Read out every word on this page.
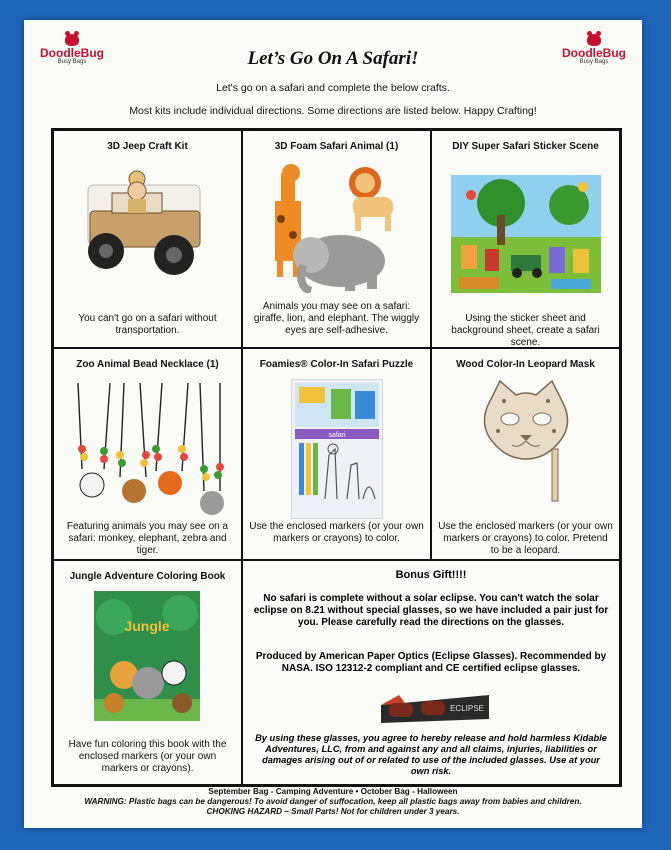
DoodleBug
Busy Bags
DoodleBug
Busy Bags
Let’s Go On A Safari!
Let's go on a safari and complete the below crafts.
Most kits include individual directions. Some directions are listed below. Happy Crafting!
3D Jeep Craft Kit
You can't go on a safari without transportation.
3D Foam Safari Animal (1)
Animals you may see on a safari: giraffe, lion, and elephant. The wiggly eyes are self-adhesive.
DIY Super Safari Sticker Scene
Using the sticker sheet and background sheet, create a safari scene.
Zoo Animal Bead Necklace (1)
Featuring animals you may see on a safari: monkey, elephant, zebra and tiger.
Foamies® Color-In Safari Puzzle
safari
Use the enclosed markers (or your own markers or crayons) to color.
Wood Color-In Leopard Mask
Use the enclosed markers (or your own markers or crayons) to color. Pretend to be a leopard.
Jungle Adventure Coloring Book
Jungle
Have fun coloring this book with the enclosed markers (or your own markers or crayons).
Bonus Gift!!!!
No safari is complete without a solar eclipse. You can't watch the solar eclipse on 8.21 without special glasses, so we have included a pair just for you. Please carefully read the directions on the glasses.
Produced by American Paper Optics (Eclipse Glasses). Recommended by NASA. ISO 12312-2 compliant and CE certified eclipse glasses.
ECLIPSE
By using these glasses, you agree to hereby release and hold harmless Kidable Adventures, LLC, from and against any and all claims, injuries, liabilities or damages arising out of or related to use of the included glasses. Use at your own risk.
September Bag - Camping Adventure • October Bag - Halloween
WARNING: Plastic bags can be dangerous! To avoid danger of suffocation, keep all plastic bags away from babies and children.
CHOKING HAZARD – Small Parts! Not for children under 3 years.
